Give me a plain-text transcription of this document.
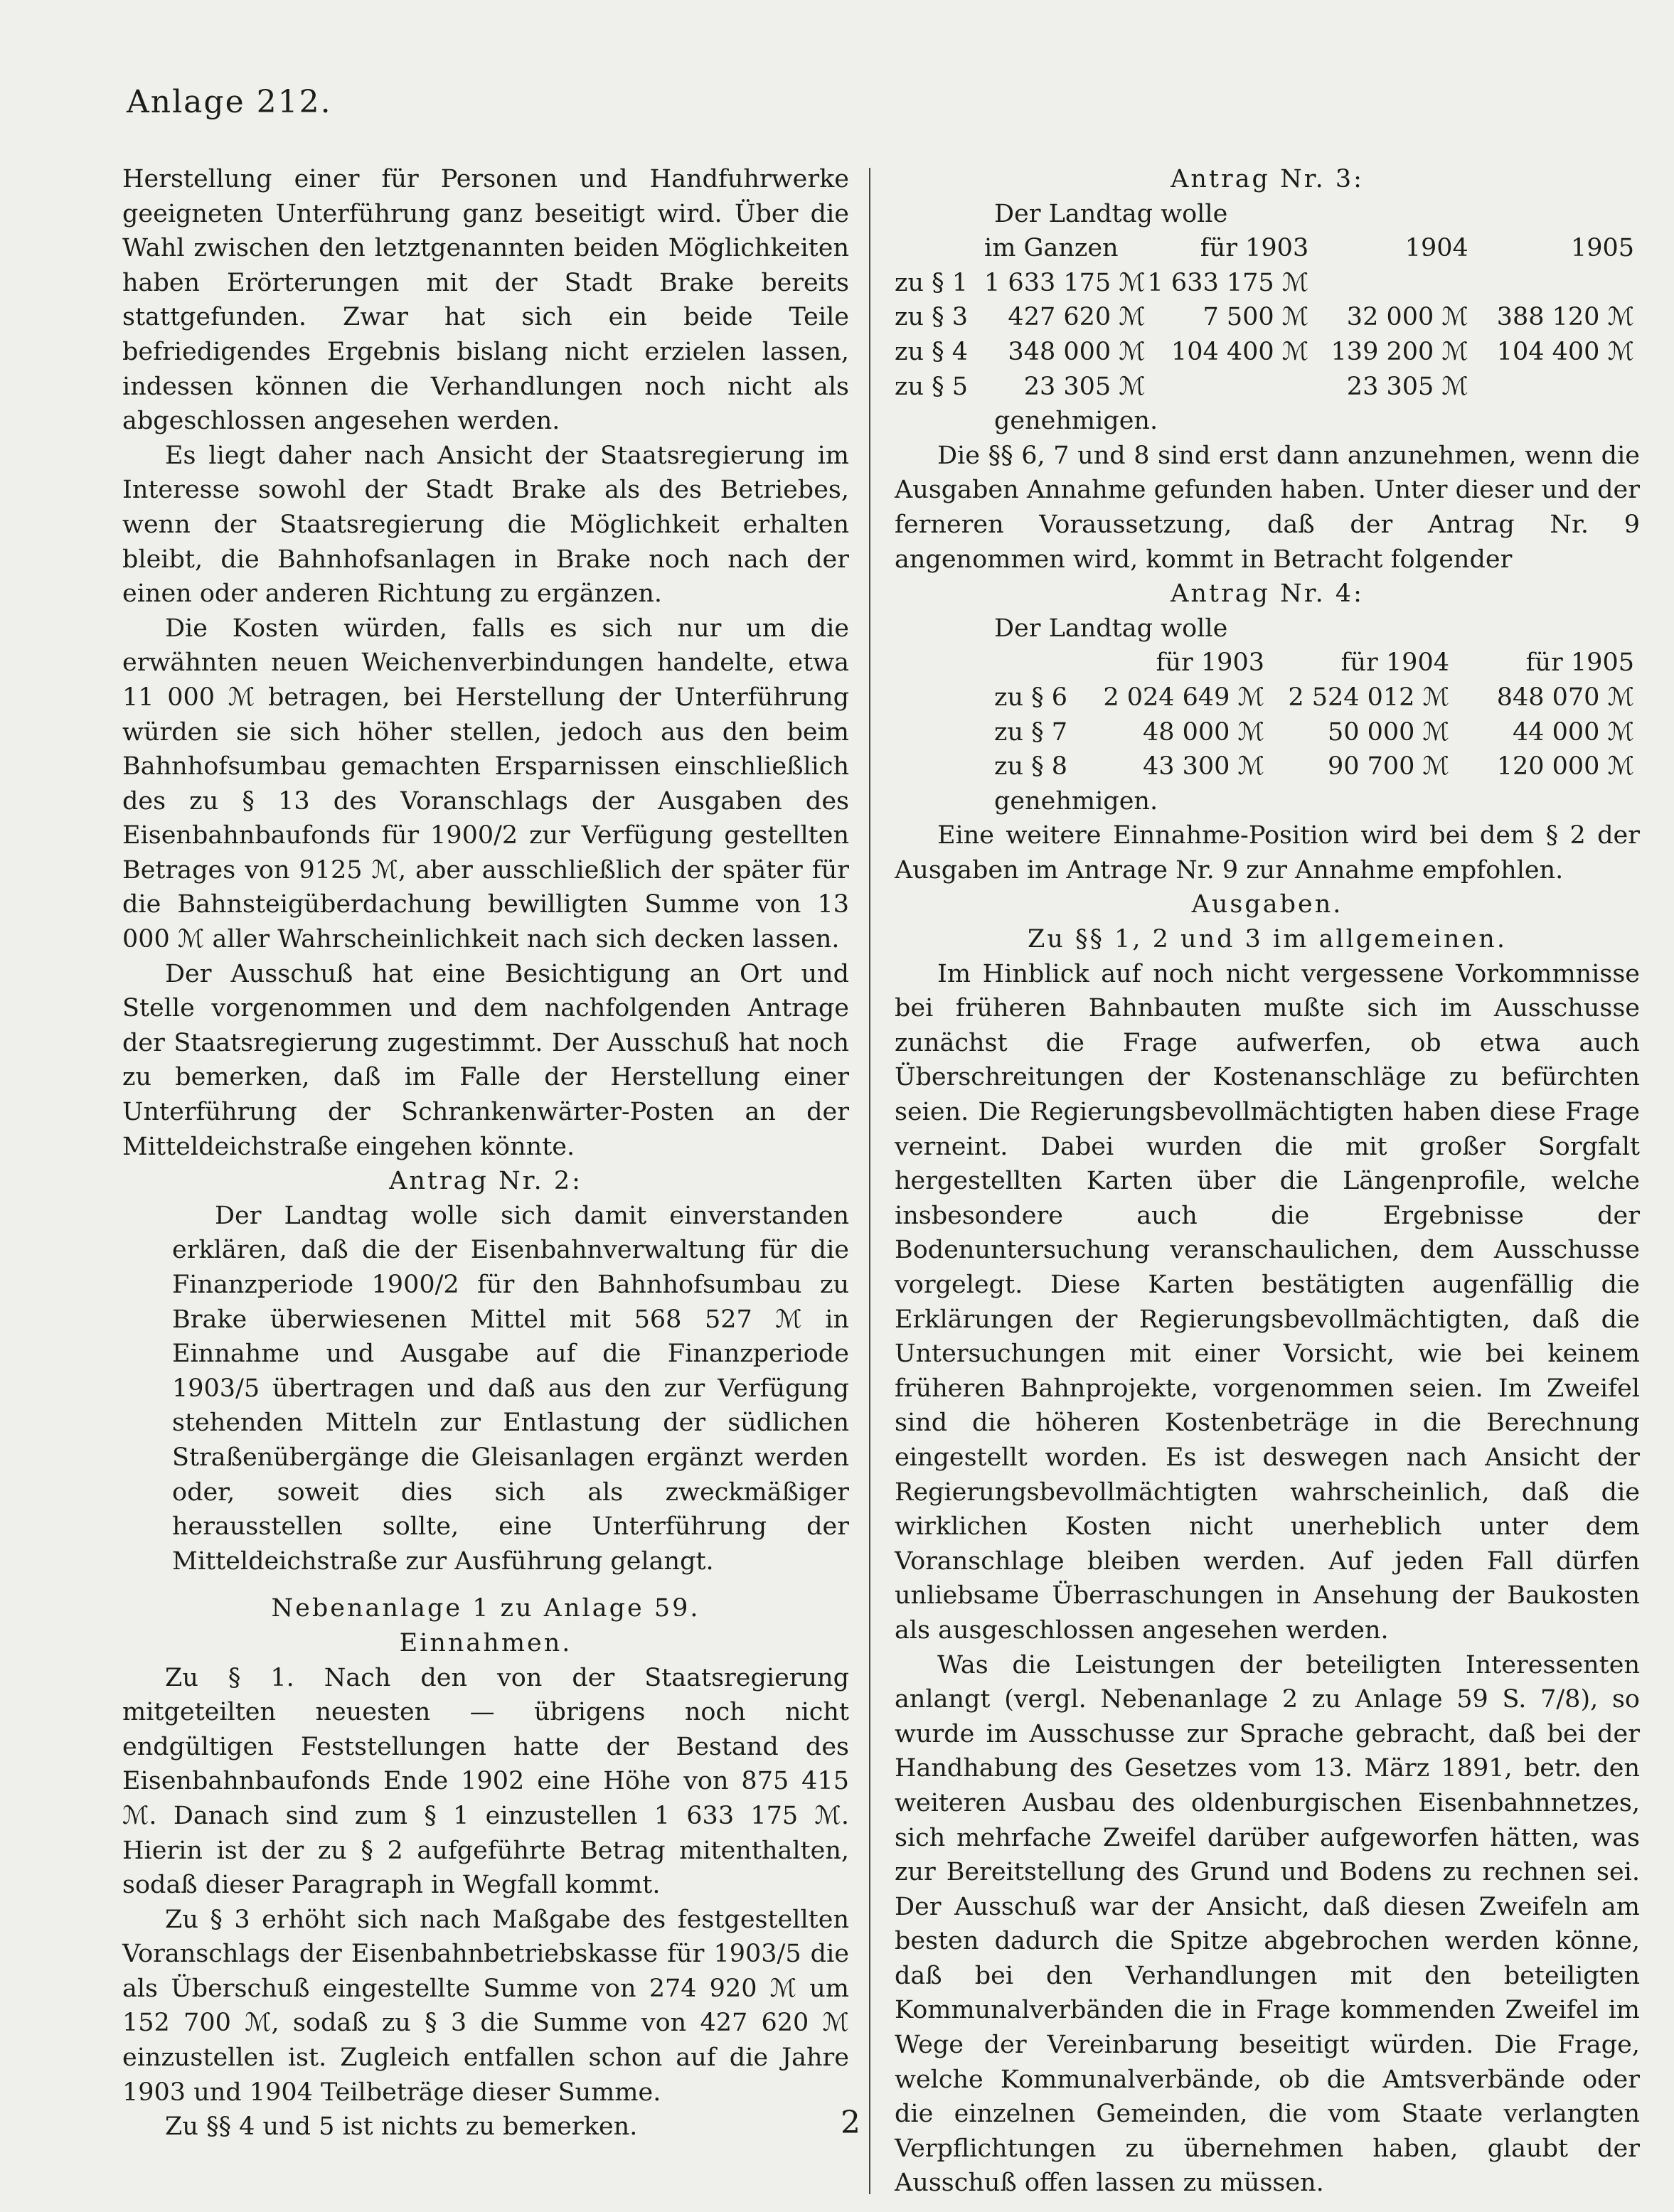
Anlage 212.

Herstellung einer für Personen und Handfuhrwerke geeigneten Unterführung ganz beseitigt wird. Über die Wahl zwischen den letztgenannten beiden Möglichkeiten haben Erörterungen mit der Stadt Brake bereits stattgefunden. Zwar hat sich ein beide Teile befriedigendes Ergebnis bislang nicht erzielen lassen, indessen können die Verhandlungen noch nicht als abgeschlossen angesehen werden.

Es liegt daher nach Ansicht der Staatsregierung im Interesse sowohl der Stadt Brake als des Betriebes, wenn der Staatsregierung die Möglichkeit erhalten bleibt, die Bahnhofsanlagen in Brake noch nach der einen oder anderen Richtung zu ergänzen.

Die Kosten würden, falls es sich nur um die erwähnten neuen Weichenverbindungen handelte, etwa 11 000 ℳ betragen, bei Herstellung der Unterführung würden sie sich höher stellen, jedoch aus den beim Bahnhofsumbau gemachten Ersparnissen einschließlich des zu § 13 des Voranschlags der Ausgaben des Eisenbahnbaufonds für 1900/2 zur Verfügung gestellten Betrages von 9125 ℳ, aber ausschließlich der später für die Bahnsteigüberdachung bewilligten Summe von 13 000 ℳ aller Wahrscheinlichkeit nach sich decken lassen.

Der Ausschuß hat eine Besichtigung an Ort und Stelle vorgenommen und dem nachfolgenden Antrage der Staatsregierung zugestimmt. Der Ausschuß hat noch zu bemerken, daß im Falle der Herstellung einer Unterführung der Schrankenwärter-Posten an der Mitteldeichstraße eingehen könnte.

Antrag Nr. 2:

Der Landtag wolle sich damit einverstanden erklären, daß die der Eisenbahnverwaltung für die Finanzperiode 1900/2 für den Bahnhofsumbau zu Brake überwiesenen Mittel mit 568 527 ℳ in Einnahme und Ausgabe auf die Finanzperiode 1903/5 übertragen und daß aus den zur Verfügung stehenden Mitteln zur Entlastung der südlichen Straßenübergänge die Gleisanlagen ergänzt werden oder, soweit dies sich als zweckmäßiger herausstellen sollte, eine Unterführung der Mitteldeichstraße zur Ausführung gelangt.

Nebenanlage 1 zu Anlage 59.

Einnahmen.

Zu § 1. Nach den von der Staatsregierung mitgeteilten neuesten — übrigens noch nicht endgültigen Feststellungen hatte der Bestand des Eisenbahnbaufonds Ende 1902 eine Höhe von 875 415 ℳ. Danach sind zum § 1 einzustellen 1 633 175 ℳ. Hierin ist der zu § 2 aufgeführte Betrag mitenthalten, sodaß dieser Paragraph in Wegfall kommt.

Zu § 3 erhöht sich nach Maßgabe des festgestellten Voranschlags der Eisenbahnbetriebskasse für 1903/5 die als Überschuß eingestellte Summe von 274 920 ℳ um 152 700 ℳ, sodaß zu § 3 die Summe von 427 620 ℳ einzustellen ist. Zugleich entfallen schon auf die Jahre 1903 und 1904 Teilbeträge dieser Summe.

Zu §§ 4 und 5 ist nichts zu bemerken.

Antrag Nr. 3:

Der Landtag wolle

	im Ganzen	für 1903	1904	1905
zu § 1	1 633 175 ℳ	1 633 175 ℳ		
zu § 3	427 620 ℳ	7 500 ℳ	32 000 ℳ	388 120 ℳ
zu § 4	348 000 ℳ	104 400 ℳ	139 200 ℳ	104 400 ℳ
zu § 5	23 305 ℳ		23 305 ℳ	

genehmigen.

Die §§ 6, 7 und 8 sind erst dann anzunehmen, wenn die Ausgaben Annahme gefunden haben. Unter dieser und der ferneren Voraussetzung, daß der Antrag Nr. 9 angenommen wird, kommt in Betracht folgender

Antrag Nr. 4:

Der Landtag wolle

	für 1903	für 1904	für 1905
zu § 6	2 024 649 ℳ	2 524 012 ℳ	848 070 ℳ
zu § 7	48 000 ℳ	50 000 ℳ	44 000 ℳ
zu § 8	43 300 ℳ	90 700 ℳ	120 000 ℳ

genehmigen.

Eine weitere Einnahme-Position wird bei dem § 2 der Ausgaben im Antrage Nr. 9 zur Annahme empfohlen.

Ausgaben.

Zu §§ 1, 2 und 3 im allgemeinen.

Im Hinblick auf noch nicht vergessene Vorkommnisse bei früheren Bahnbauten mußte sich im Ausschusse zunächst die Frage aufwerfen, ob etwa auch Überschreitungen der Kostenanschläge zu befürchten seien. Die Regierungsbevollmächtigten haben diese Frage verneint. Dabei wurden die mit großer Sorgfalt hergestellten Karten über die Längenprofile, welche insbesondere auch die Ergebnisse der Bodenuntersuchung veranschaulichen, dem Ausschusse vorgelegt. Diese Karten bestätigten augenfällig die Erklärungen der Regierungsbevollmächtigten, daß die Untersuchungen mit einer Vorsicht, wie bei keinem früheren Bahnprojekte, vorgenommen seien. Im Zweifel sind die höheren Kostenbeträge in die Berechnung eingestellt worden. Es ist deswegen nach Ansicht der Regierungsbevollmächtigten wahrscheinlich, daß die wirklichen Kosten nicht unerheblich unter dem Voranschlage bleiben werden. Auf jeden Fall dürfen unliebsame Überraschungen in Ansehung der Baukosten als ausgeschlossen angesehen werden.

Was die Leistungen der beteiligten Interessenten anlangt (vergl. Nebenanlage 2 zu Anlage 59 S. 7/8), so wurde im Ausschusse zur Sprache gebracht, daß bei der Handhabung des Gesetzes vom 13. März 1891, betr. den weiteren Ausbau des oldenburgischen Eisenbahnnetzes, sich mehrfache Zweifel darüber aufgeworfen hätten, was zur Bereitstellung des Grund und Bodens zu rechnen sei. Der Ausschuß war der Ansicht, daß diesen Zweifeln am besten dadurch die Spitze abgebrochen werden könne, daß bei den Verhandlungen mit den beteiligten Kommunalverbänden die in Frage kommenden Zweifel im Wege der Vereinbarung beseitigt würden. Die Frage, welche Kommunalverbände, ob die Amtsverbände oder die einzelnen Gemeinden, die vom Staate verlangten Verpflichtungen zu übernehmen haben, glaubt der Ausschuß offen lassen zu müssen.

2
